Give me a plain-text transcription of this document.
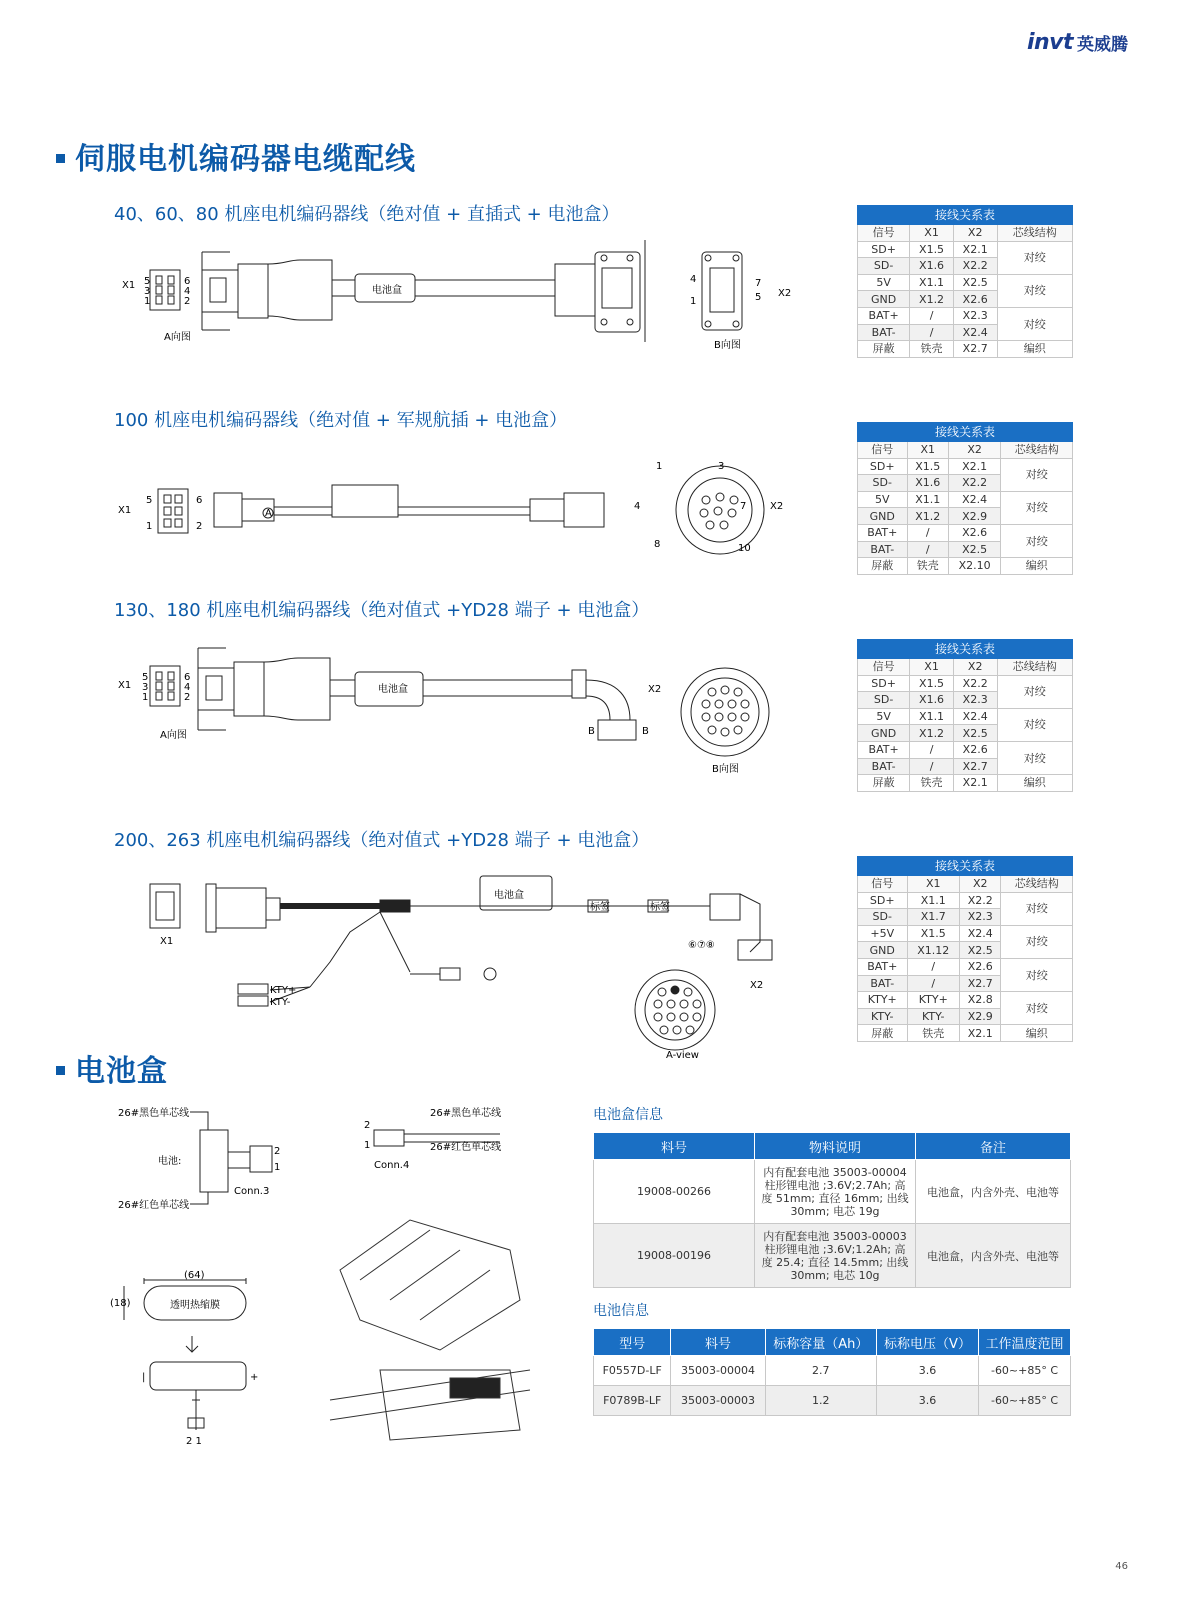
invt 英威腾
伺服电机编码器电缆配线
40、60、80 机座电机编码器线（绝对值 + 直插式 + 电池盒）
X1 5
3
1
6
4
2
A向图
电池盒
4
1
7
5 X2
B向图
接线关系表			
信号	X1	X2	芯线结构
SD+	X1.5	X2.1	对绞
SD-	X1.6	X2.2	
5V	X1.1	X2.5	对绞
GND	X1.2	X2.6	
BAT+	/	X2.3	对绞
BAT-	/	X2.4	
屏蔽	铁壳	X2.7	编织
100 机座电机编码器线（绝对值 + 军规航插 + 电池盒）
X1
5	6
1	2
A
1	3
4	7
8	10
X2
接线关系表			
信号	X1	X2	芯线结构
SD+	X1.5	X2.1	对绞
SD-	X1.6	X2.2	
5V	X1.1	X2.4	对绞
GND	X1.2	X2.9	
BAT+	/	X2.6	对绞
BAT-	/	X2.5	
屏蔽	铁壳	X2.10	编织
130、180 机座电机编码器线（绝对值式 +YD28 端子 + 电池盒）
X1
5
3
1
6
4
2
A向图
电池盒	X2
B	B
B向图
接线关系表			
信号	X1	X2	芯线结构
SD+	X1.5	X2.2	对绞
SD-	X1.6	X2.3	
5V	X1.1	X2.4	对绞
GND	X1.2	X2.5	
BAT+	/	X2.6	对绞
BAT-	/	X2.7	
屏蔽	铁壳	X2.1	编织
200、263 机座电机编码器线（绝对值式 +YD28 端子 + 电池盒）
X1
电池盒
标签	标签
⑥⑦⑧
KTY+
KTY-
X2
A-view
接线关系表			
信号	X1	X2	芯线结构
SD+	X1.1	X2.2	对绞
SD-	X1.7	X2.3	
+5V	X1.5	X2.4	对绞
GND	X1.12	X2.5	
BAT+	/	X2.6	对绞
BAT-	/	X2.7	
KTY+	KTY+	X2.8	对绞
KTY-	KTY-	X2.9	
屏蔽	铁壳	X2.1	编织
电池盒
26#黑色单芯线
26#红色单芯线
电池:
2
1
Conn.3
2
1
26#黑色单芯线
26#红色单芯线
Conn.4
(64)
(18)	透明热缩膜
|	+
2 1
电池盒信息
料号	物料说明	备注
19008-00266	内有配套电池 35003-00004 柱形锂电池 ;3.6V;2.7Ah; 高度 51mm; 直径 16mm; 出线 30mm; 电芯 19g	电池盒，内含外壳、电池等
19008-00196	内有配套电池 35003-00003 柱形锂电池 ;3.6V;1.2Ah; 高度 25.4; 直径 14.5mm; 出线 30mm; 电芯 10g	电池盒，内含外壳、电池等
电池信息
型号	料号	标称容量（Ah）	标称电压（V）	工作温度范围
F0557D-LF	35003-00004	2.7	3.6	-60~+85° C
F0789B-LF	35003-00003	1.2	3.6	-60~+85° C
46
